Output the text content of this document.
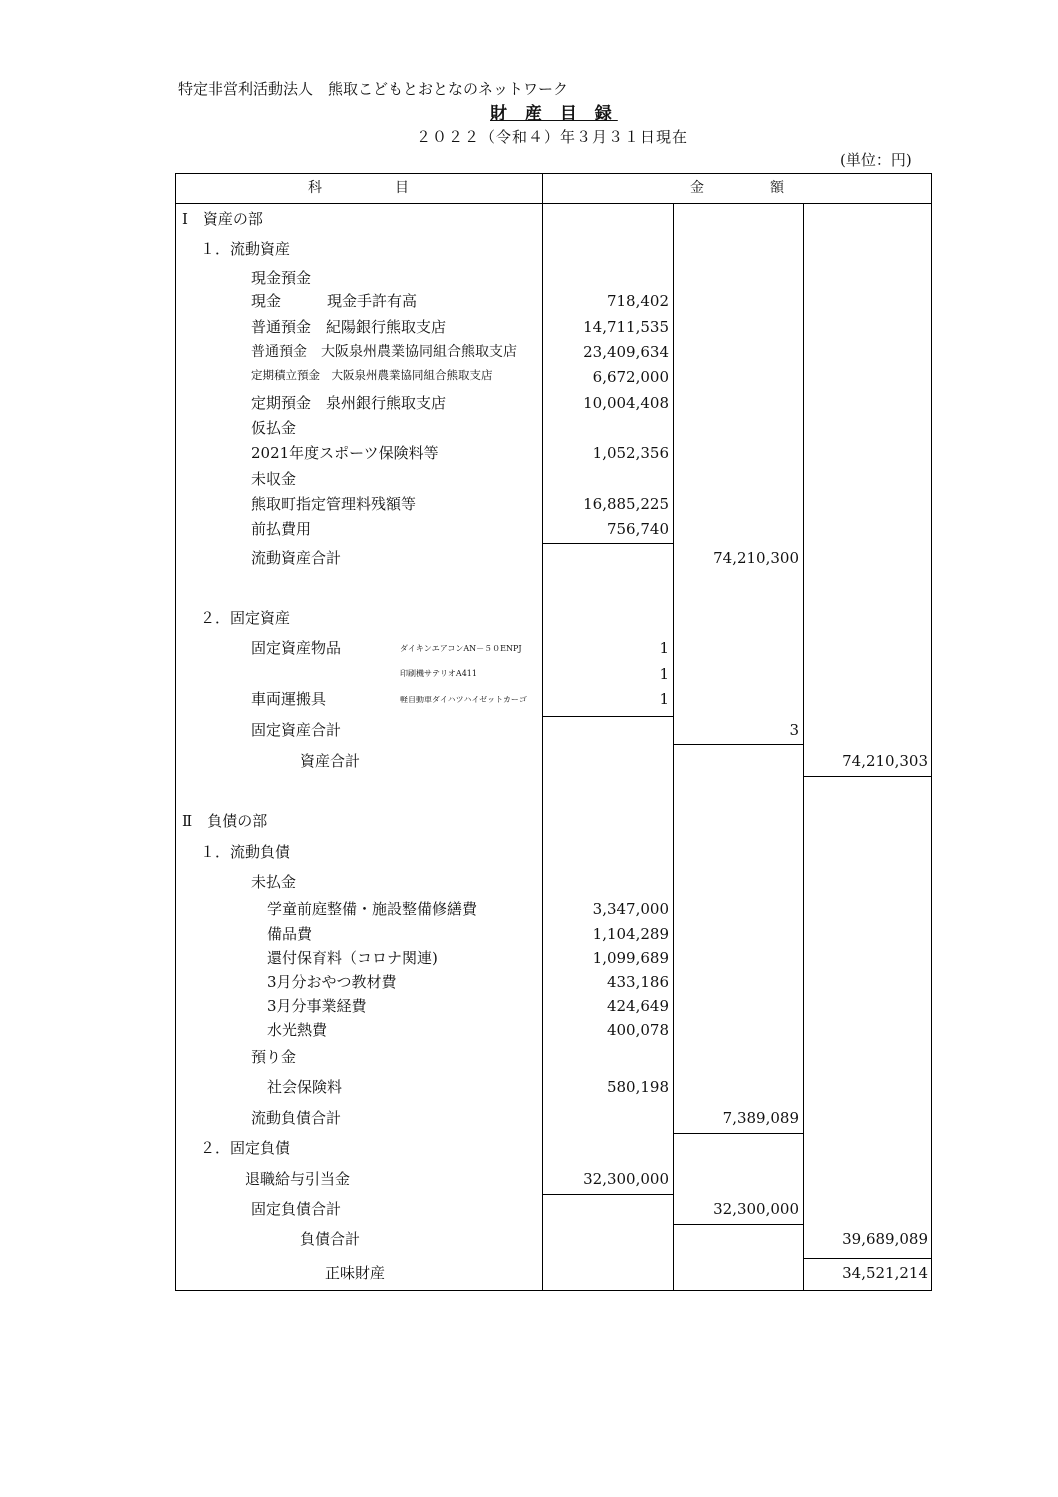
特定非営利活動法人　熊取こどもとおとなのネットワーク
財 産 目 録
２０２２（令和４）年３月３１日現在
(単位：円)
科	目	金	額
Ⅰ　資産の部
１．流動資産
現金預金
現金	現金手許有高	718,402
普通預金　紀陽銀行熊取支店	14,711,535
普通預金　大阪泉州農業協同組合熊取支店	23,409,634
定期積立預金　大阪泉州農業協同組合熊取支店	6,672,000
定期預金　泉州銀行熊取支店	10,004,408
仮払金
2021年度スポーツ保険料等	1,052,356
未収金
熊取町指定管理料残額等	16,885,225
前払費用	756,740
流動資産合計	74,210,300
２．固定資産
固定資産物品	ダイキンエアコンAN－５０ENPJ	1
印刷機サテリオA411	1
車両運搬具	軽自動車ダイハツハイゼットカーゴ	1
固定資産合計	3
資産合計	74,210,303
Ⅱ　負債の部
１．流動負債
未払金
学童前庭整備・施設整備修繕費	3,347,000
備品費	1,104,289
還付保育料（コロナ関連)	1,099,689
3月分おやつ教材費	433,186
3月分事業経費	424,649
水光熱費	400,078
預り金
社会保険料	580,198
流動負債合計	7,389,089
２．固定負債
退職給与引当金	32,300,000
固定負債合計	32,300,000
負債合計	39,689,089
正味財産	34,521,214
